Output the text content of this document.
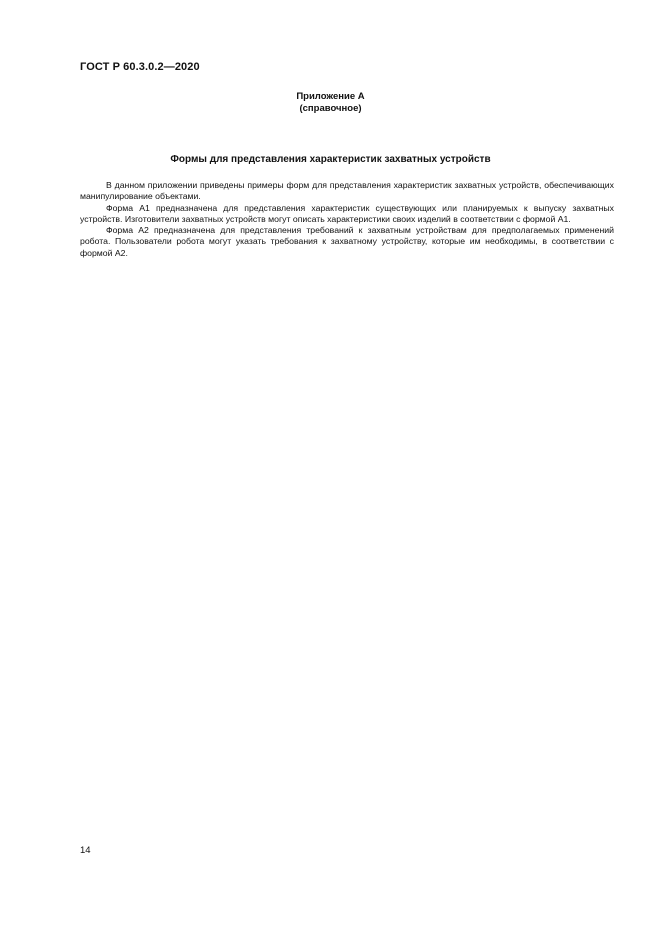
ГОСТ Р 60.3.0.2—2020
Приложение А
(справочное)
Формы для представления характеристик захватных устройств

В данном приложении приведены примеры форм для представления характеристик захватных устройств, обеспечивающих манипулирование объектами.

Форма А1 предназначена для представления характеристик существующих или планируемых к выпуску захватных устройств. Изготовители захватных устройств могут описать характеристики своих изделий в соответствии с формой А1.

Форма А2 предназначена для представления требований к захватным устройствам для предполагаемых применений робота. Пользователи робота могут указать требования к захватному устройству, которые им необходимы, в соответствии с формой А2.

14
